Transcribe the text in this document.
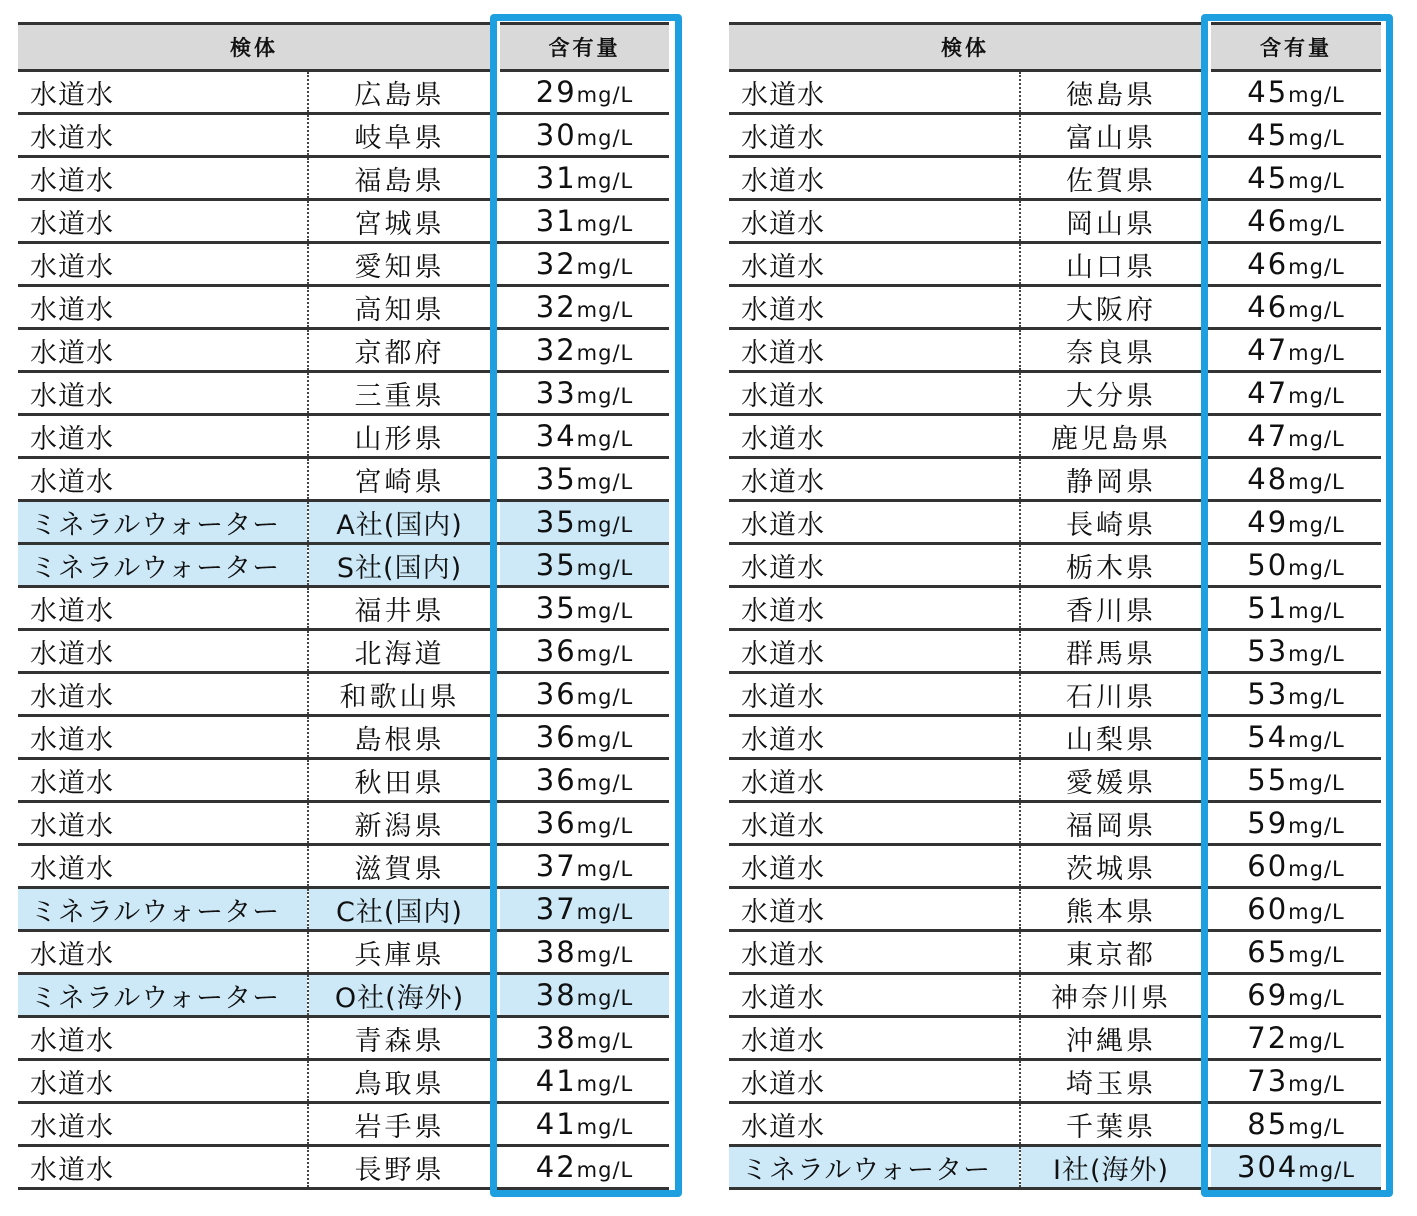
検体			含有量
水道水	広島県		29mg/L
水道水	岐阜県		30mg/L
水道水	福島県		31mg/L
水道水	宮城県		31mg/L
水道水	愛知県		32mg/L
水道水	高知県		32mg/L
水道水	京都府		32mg/L
水道水	三重県		33mg/L
水道水	山形県		34mg/L
水道水	宮崎県		35mg/L
ミネラルウォーター	A社(国内)		35mg/L
ミネラルウォーター	S社(国内)		35mg/L
水道水	福井県		35mg/L
水道水	北海道		36mg/L
水道水	和歌山県		36mg/L
水道水	島根県		36mg/L
水道水	秋田県		36mg/L
水道水	新潟県		36mg/L
水道水	滋賀県		37mg/L
ミネラルウォーター	C社(国内)		37mg/L
水道水	兵庫県		38mg/L
ミネラルウォーター	O社(海外)		38mg/L
水道水	青森県		38mg/L
水道水	鳥取県		41mg/L
水道水	岩手県		41mg/L
水道水	長野県		42mg/L
検体			含有量
水道水	徳島県		45mg/L
水道水	富山県		45mg/L
水道水	佐賀県		45mg/L
水道水	岡山県		46mg/L
水道水	山口県		46mg/L
水道水	大阪府		46mg/L
水道水	奈良県		47mg/L
水道水	大分県		47mg/L
水道水	鹿児島県		47mg/L
水道水	静岡県		48mg/L
水道水	長崎県		49mg/L
水道水	栃木県		50mg/L
水道水	香川県		51mg/L
水道水	群馬県		53mg/L
水道水	石川県		53mg/L
水道水	山梨県		54mg/L
水道水	愛媛県		55mg/L
水道水	福岡県		59mg/L
水道水	茨城県		60mg/L
水道水	熊本県		60mg/L
水道水	東京都		65mg/L
水道水	神奈川県		69mg/L
水道水	沖縄県		72mg/L
水道水	埼玉県		73mg/L
水道水	千葉県		85mg/L
ミネラルウォーター	I社(海外)		304mg/L
